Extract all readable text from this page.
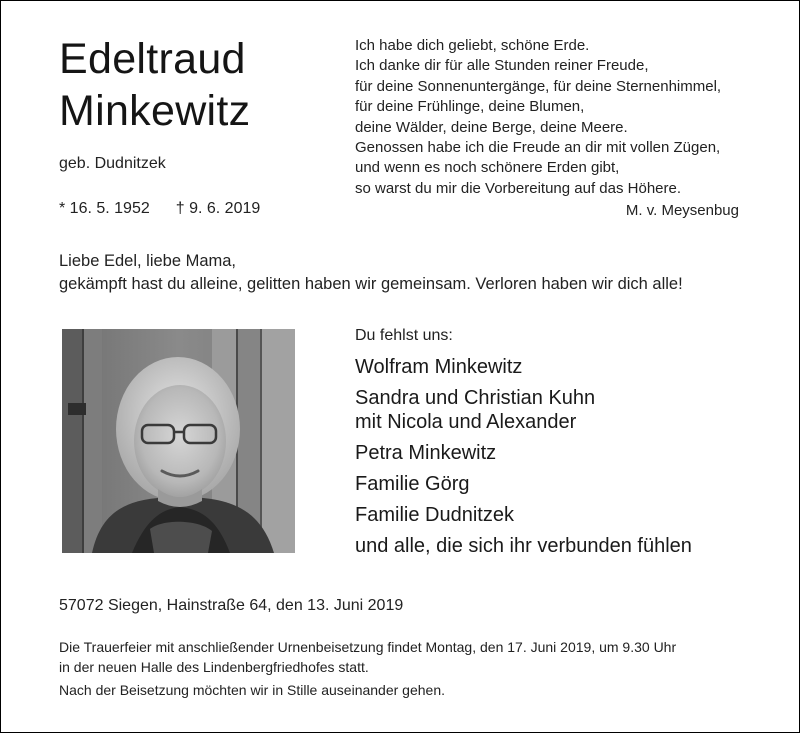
Edeltraud
Minkewitz
geb. Dudnitzek
* 16. 5. 1952 † 9. 6. 2019
Ich habe dich geliebt, schöne Erde.
Ich danke dir für alle Stunden reiner Freude,
für deine Sonnenuntergänge, für deine Sternenhimmel,
für deine Frühlinge, deine Blumen,
deine Wälder, deine Berge, deine Meere.
Genossen habe ich die Freude an dir mit vollen Zügen,
und wenn es noch schönere Erden gibt,
so warst du mir die Vorbereitung auf das Höhere.
M. v. Meysenbug
Liebe Edel, liebe Mama,
gekämpft hast du alleine, gelitten haben wir gemeinsam. Verloren haben wir dich alle!
Du fehlst uns:
Wolfram Minkewitz
Sandra und Christian Kuhn
mit Nicola und Alexander
Petra Minkewitz
Familie Görg
Familie Dudnitzek
und alle, die sich ihr verbunden fühlen
57072 Siegen, Hainstraße 64, den 13. Juni 2019
Die Trauerfeier mit anschließender Urnenbeisetzung findet Montag, den 17. Juni 2019, um 9.30 Uhr
in der neuen Halle des Lindenbergfriedhofes statt.
Nach der Beisetzung möchten wir in Stille auseinander gehen.
